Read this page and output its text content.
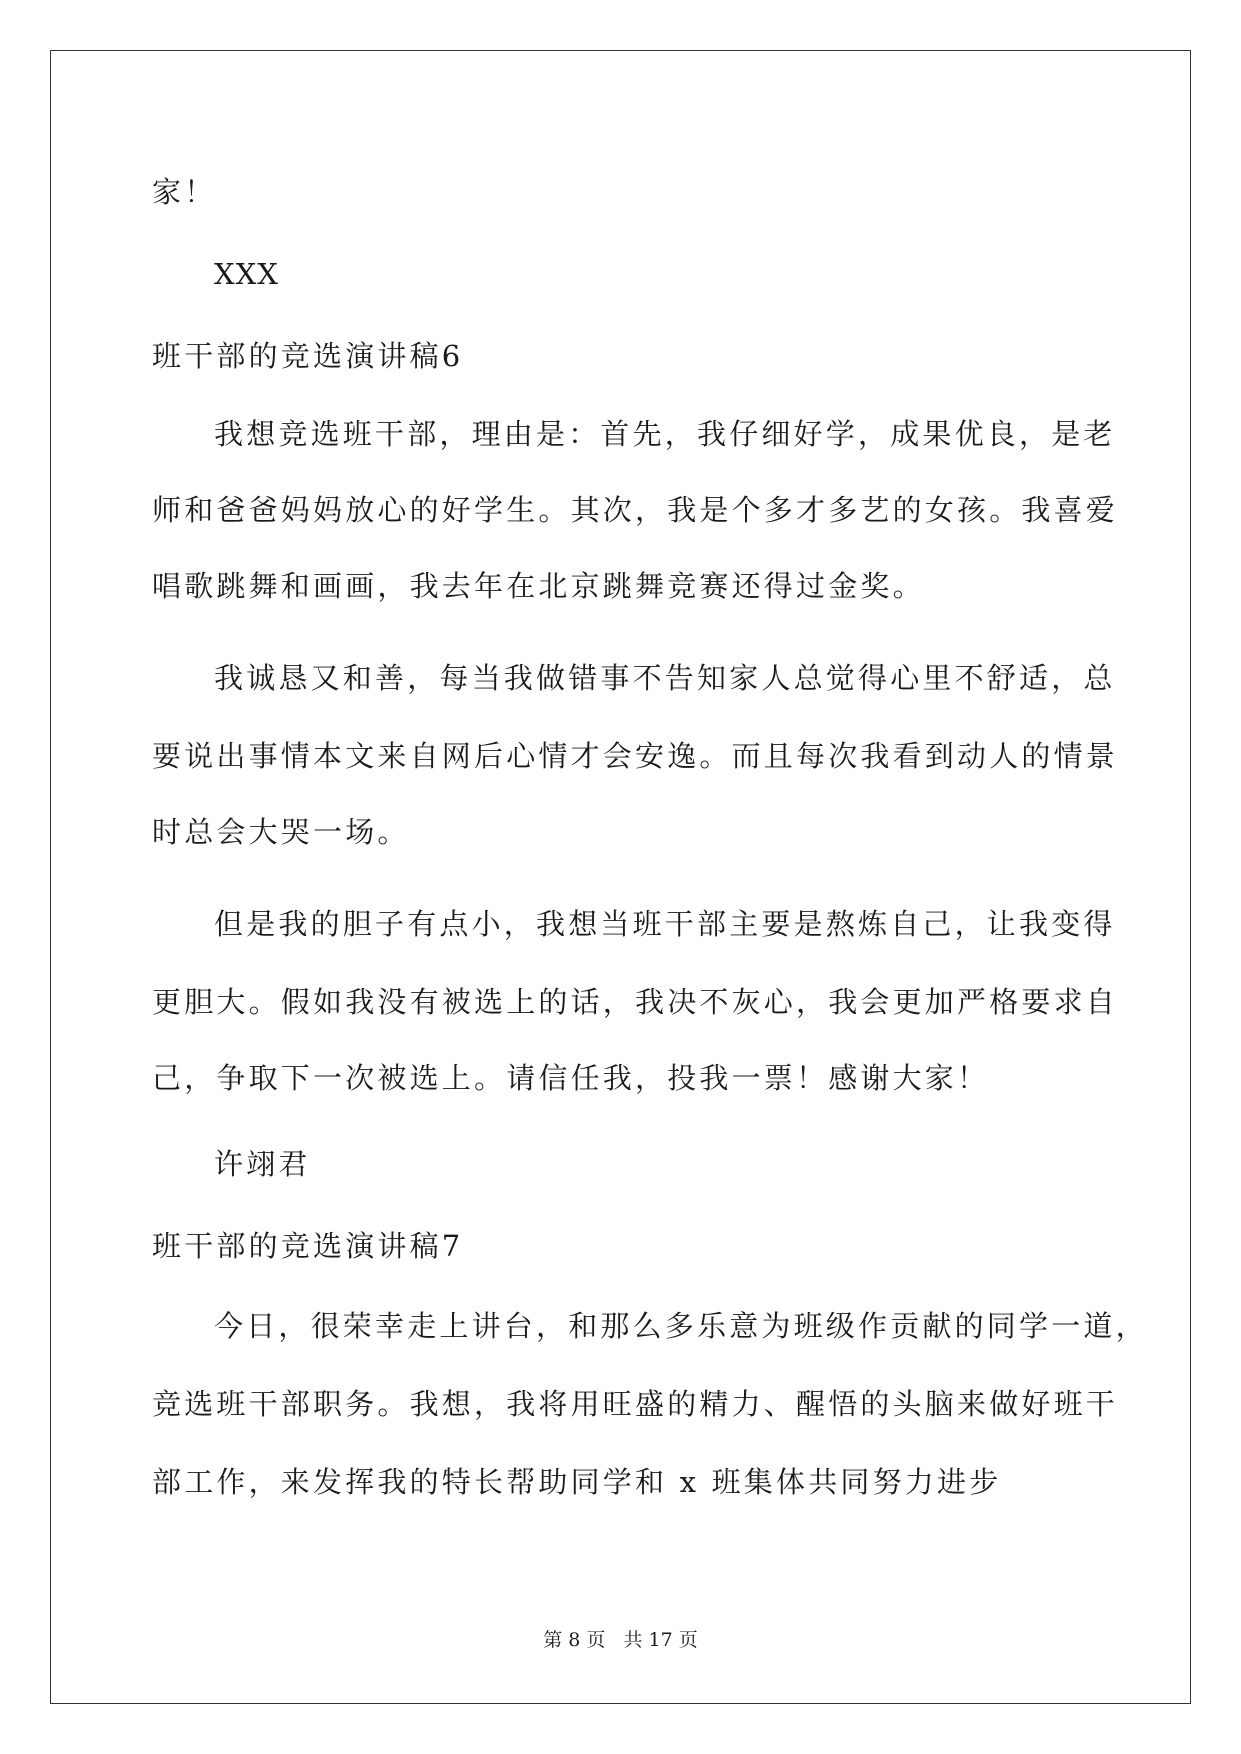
家！
XXX
班干部的竞选演讲稿6
我想竞选班干部，理由是：首先，我仔细好学，成果优良，是老
师和爸爸妈妈放心的好学生。其次，我是个多才多艺的女孩。我喜爱
唱歌跳舞和画画，我去年在北京跳舞竞赛还得过金奖。
我诚恳又和善，每当我做错事不告知家人总觉得心里不舒适，总
要说出事情本文来自网后心情才会安逸。而且每次我看到动人的情景
时总会大哭一场。
但是我的胆子有点小，我想当班干部主要是熬炼自己，让我变得
更胆大。假如我没有被选上的话，我决不灰心，我会更加严格要求自
己，争取下一次被选上。请信任我，投我一票！感谢大家！
许翊君
班干部的竞选演讲稿7
今日，很荣幸走上讲台，和那么多乐意为班级作贡献的同学一道，
竞选班干部职务。我想，我将用旺盛的精力、醒悟的头脑来做好班干
部工作，来发挥我的特长帮助同学和 x 班集体共同努力进步
第 8 页 共 17 页
